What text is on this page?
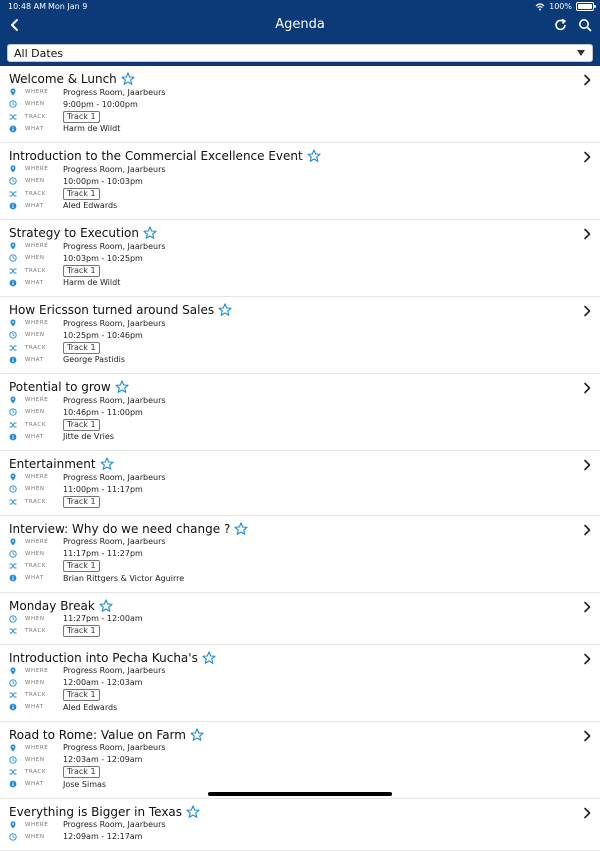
10:48 AM Mon Jan 9	100%
Agenda
All Dates
Welcome & Lunch
WHERE	Progress Room, Jaarbeurs
WHEN	9:00pm - 10:00pm
TRACK	Track 1
WHAT	Harm de Wildt
Introduction to the Commercial Excellence Event
WHERE	Progress Room, Jaarbeurs
WHEN	10:00pm - 10:03pm
TRACK	Track 1
WHAT	Aled Edwards
Strategy to Execution
WHERE	Progress Room, Jaarbeurs
WHEN	10:03pm - 10:25pm
TRACK	Track 1
WHAT	Harm de Wildt
How Ericsson turned around Sales
WHERE	Progress Room, Jaarbeurs
WHEN	10:25pm - 10:46pm
TRACK	Track 1
WHAT	George Pastidis
Potential to grow
WHERE	Progress Room, Jaarbeurs
WHEN	10:46pm - 11:00pm
TRACK	Track 1
WHAT	Jitte de Vries
Entertainment
WHERE	Progress Room, Jaarbeurs
WHEN	11:00pm - 11:17pm
TRACK	Track 1
Interview: Why do we need change ?
WHERE	Progress Room, Jaarbeurs
WHEN	11:17pm - 11:27pm
TRACK	Track 1
WHAT	Brian Rittgers & Victor Aguirre
Monday Break
WHEN	11:27pm - 12:00am
TRACK	Track 1
Introduction into Pecha Kucha's
WHERE	Progress Room, Jaarbeurs
WHEN	12:00am - 12:03am
TRACK	Track 1
WHAT	Aled Edwards
Road to Rome: Value on Farm
WHERE	Progress Room, Jaarbeurs
WHEN	12:03am - 12:09am
TRACK	Track 1
WHAT	Jose Simas
Everything is Bigger in Texas
WHERE	Progress Room, Jaarbeurs
WHEN	12:09am - 12:17am
